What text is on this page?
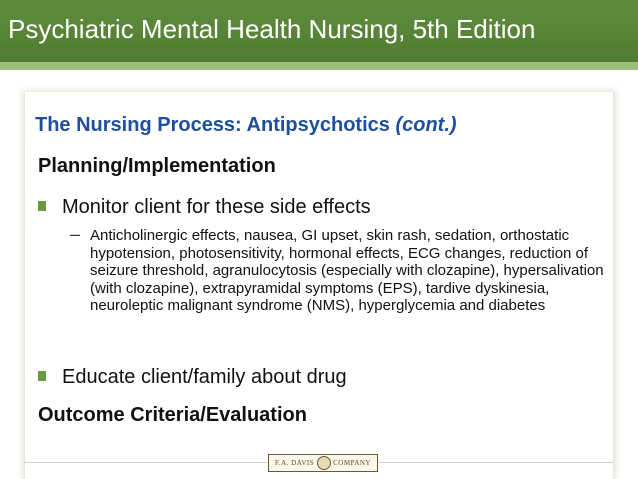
Psychiatric Mental Health Nursing, 5th Edition
The Nursing Process: Antipsychotics (cont.)
Planning/Implementation
Monitor client for these side effects
– Anticholinergic effects, nausea, GI upset, skin rash, sedation, orthostatic hypotension, photosensitivity, hormonal effects, ECG changes, reduction of seizure threshold, agranulocytosis (especially with clozapine), hypersalivation (with clozapine), extrapyramidal symptoms (EPS), tardive dyskinesia, neuroleptic malignant syndrome (NMS), hyperglycemia and diabetes
Educate client/family about drug
Outcome Criteria/Evaluation
F.A. DAVIS	COMPANY
